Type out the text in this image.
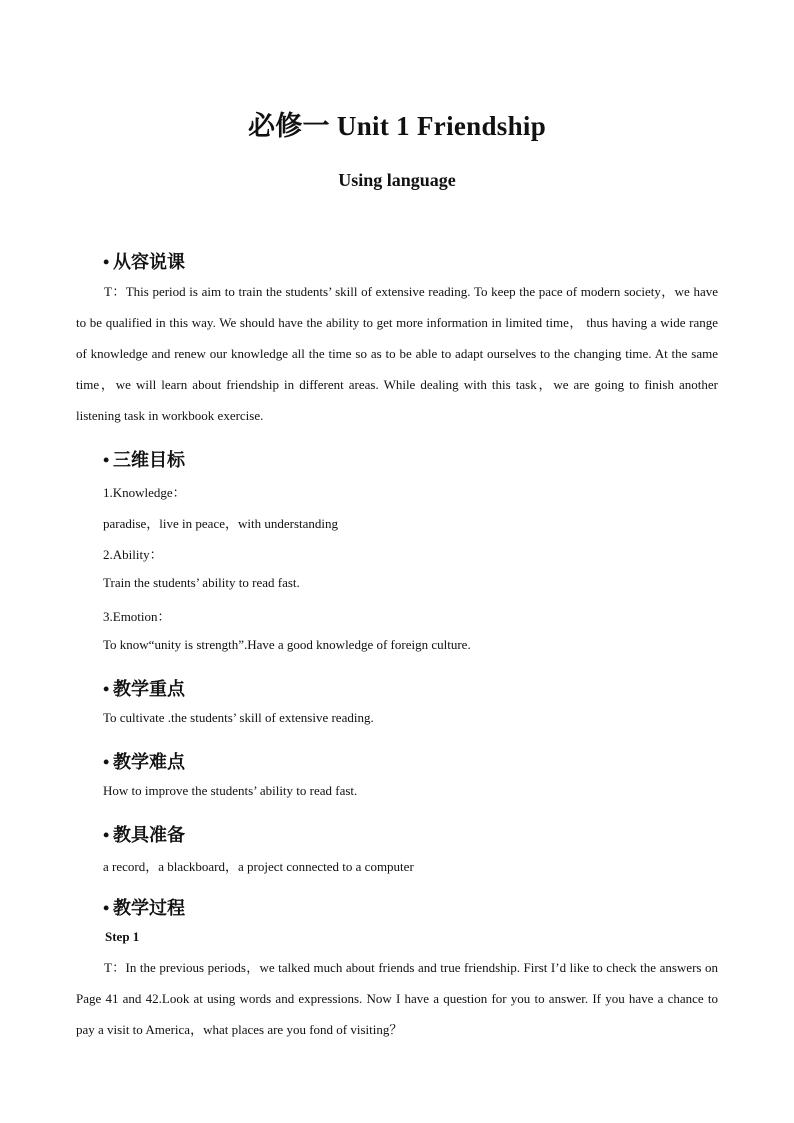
必修一 Unit 1 Friendship
Using language
• 从容说课
T：This period is aim to train the students’ skill of extensive reading. To keep the pace of modern society，we have to be qualified in this way. We should have the ability to get more information in limited time， thus having a wide range of knowledge and renew our knowledge all the time so as to be able to adapt ourselves to the changing time. At the same time，we will learn about friendship in different areas. While dealing with this task，we are going to finish another listening task in workbook exercise.
• 三维目标
1.Knowledge：
paradise，live in peace，with understanding
2.Ability：
Train the students’ ability to read fast.
3.Emotion：
To know“unity is strength”.Have a good knowledge of foreign culture.
• 教学重点
To cultivate .the students’ skill of extensive reading.
• 教学难点
How to improve the students’ ability to read fast.
• 教具准备
a record，a blackboard，a project connected to a computer
• 教学过程
Step 1
T：In the previous periods，we talked much about friends and true friendship. First I’d like to check the answers on Page 41 and 42.Look at using words and expressions. Now I have a question for you to answer. If you have a chance to pay a visit to America，what places are you fond of visiting？
